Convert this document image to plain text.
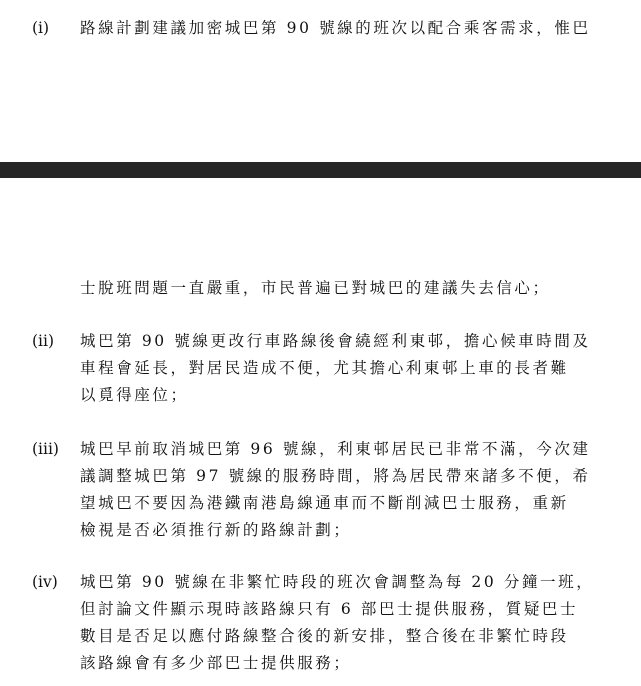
(i) 路線計劃建議加密城巴第 90 號線的班次以配合乘客需求，惟巴
士脫班問題一直嚴重，市民普遍已對城巴的建議失去信心；
(ii) 城巴第 90 號線更改行車路線後會繞經利東邨，擔心候車時間及
車程會延長，對居民造成不便，尤其擔心利東邨上車的長者難
以覓得座位；
(iii) 城巴早前取消城巴第 96 號線，利東邨居民已非常不滿，今次建
議調整城巴第 97 號線的服務時間，將為居民帶來諸多不便，希
望城巴不要因為港鐵南港島線通車而不斷削減巴士服務，重新
檢視是否必須推行新的路線計劃；
(iv) 城巴第 90 號線在非繁忙時段的班次會調整為每 20 分鐘一班，
但討論文件顯示現時該路線只有 6 部巴士提供服務，質疑巴士
數目是否足以應付路線整合後的新安排，整合後在非繁忙時段
該路線會有多少部巴士提供服務；
